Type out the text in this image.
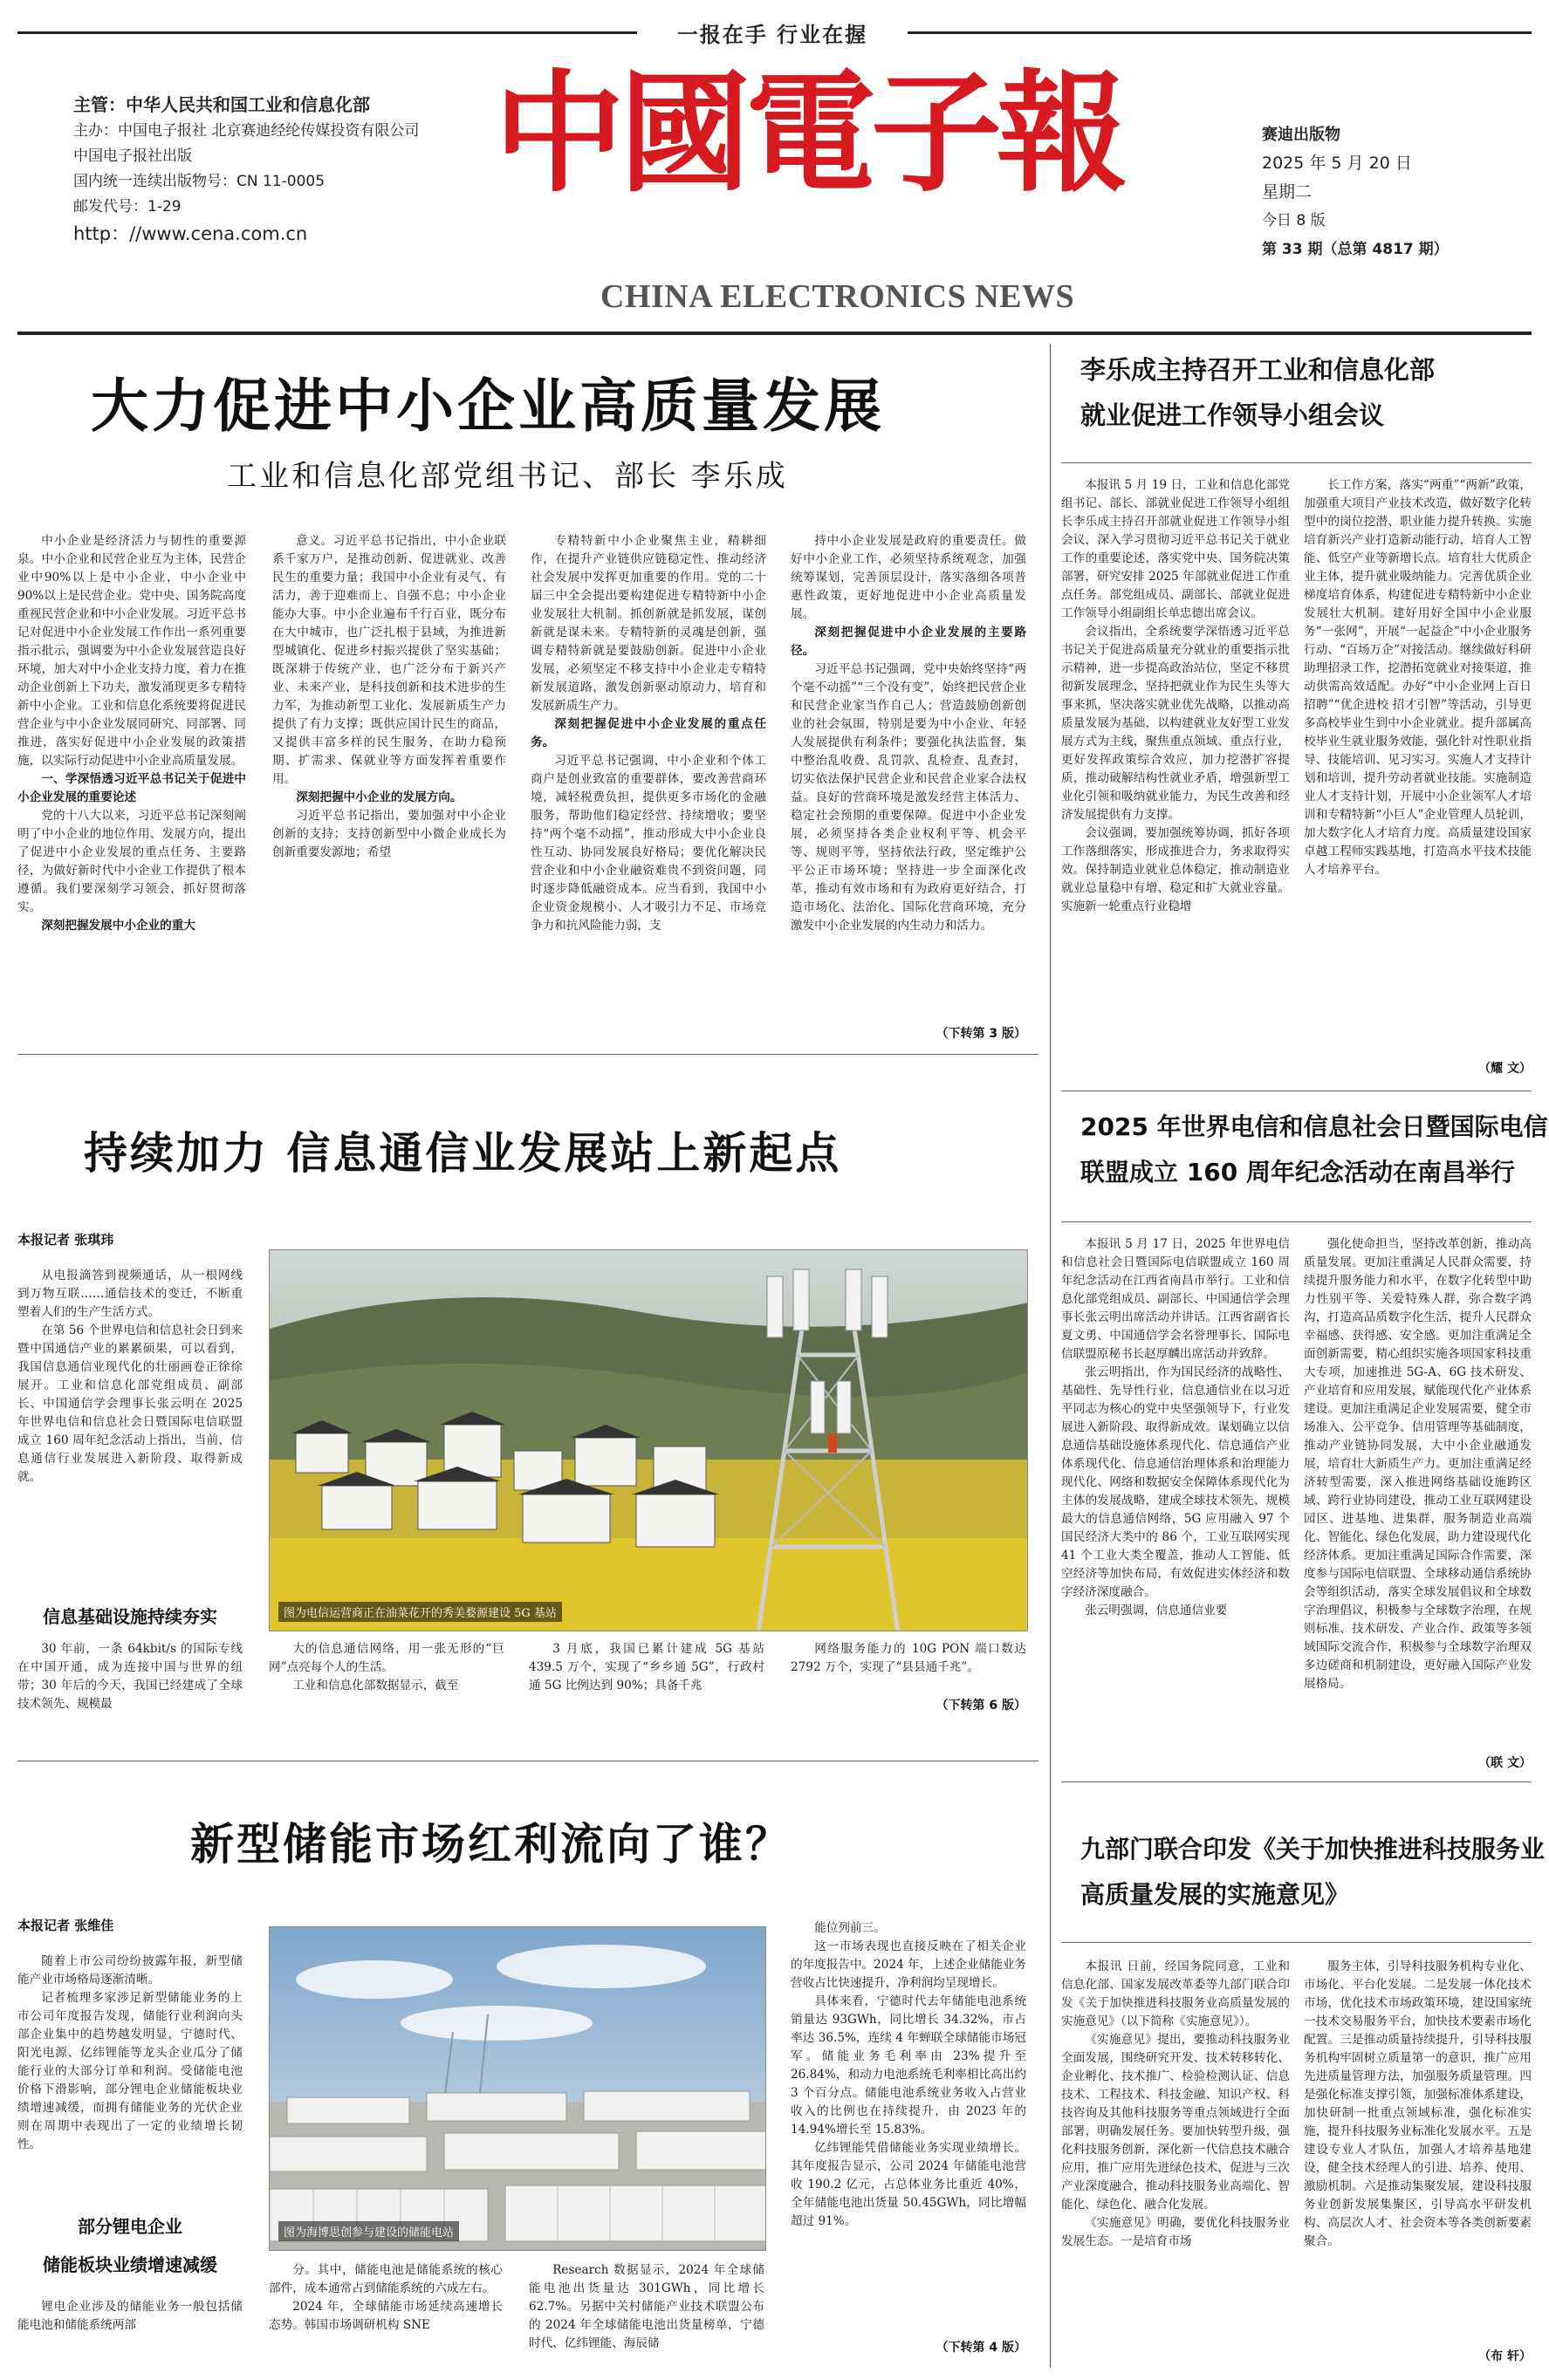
一报在手 行业在握
主管：中华人民共和国工业和信息化部
主办：中国电子报社 北京赛迪经纶传媒投资有限公司
中国电子报社出版
国内统一连续出版物号：CN 11-0005
邮发代号：1-29
http：//www.cena.com.cn
中國電子報
CHINA ELECTRONICS NEWS
赛迪出版物
2025 年 5 月 20 日
星期二
今日 8 版
第 33 期（总第 4817 期）
大力促进中小企业高质量发展
工业和信息化部党组书记、部长 李乐成

中小企业是经济活力与韧性的重要源泉。中小企业和民营企业互为主体，民营企业中90%以上是中小企业，中小企业中90%以上是民营企业。党中央、国务院高度重视民营企业和中小企业发展。习近平总书记对促进中小企业发展工作作出一系列重要指示批示，强调要为中小企业发展营造良好环境，加大对中小企业支持力度，着力在推动企业创新上下功夫，激发涌现更多专精特新中小企业。工业和信息化系统要将促进民营企业与中小企业发展同研究、同部署、同推进，落实好促进中小企业发展的政策措施，以实际行动促进中小企业高质量发展。

一、学深悟透习近平总书记关于促进中小企业发展的重要论述

党的十八大以来，习近平总书记深刻阐明了中小企业的地位作用、发展方向，提出了促进中小企业发展的重点任务、主要路径，为做好新时代中小企业工作提供了根本遵循。我们要深刻学习领会，抓好贯彻落实。

深刻把握发展中小企业的重大

意义。习近平总书记指出，中小企业联系千家万户，是推动创新、促进就业、改善民生的重要力量；我国中小企业有灵气、有活力，善于迎难而上、自强不息；中小企业能办大事。中小企业遍布千行百业，既分布在大中城市，也广泛扎根于县域，为推进新型城镇化、促进乡村振兴提供了坚实基础；既深耕于传统产业，也广泛分布于新兴产业、未来产业，是科技创新和技术进步的生力军，为推动新型工业化、发展新质生产力提供了有力支撑；既供应国计民生的商品，又提供丰富多样的民生服务，在助力稳预期、扩需求、保就业等方面发挥着重要作用。

深刻把握中小企业的发展方向。

习近平总书记指出，要加强对中小企业创新的支持；支持创新型中小微企业成长为创新重要发源地；希望

专精特新中小企业聚焦主业，精耕细作，在提升产业链供应链稳定性、推动经济社会发展中发挥更加重要的作用。党的二十届三中全会提出要构建促进专精特新中小企业发展壮大机制。抓创新就是抓发展，谋创新就是谋未来。专精特新的灵魂是创新，强调专精特新就是要鼓励创新。促进中小企业发展，必须坚定不移支持中小企业走专精特新发展道路，激发创新驱动原动力，培育和发展新质生产力。

深刻把握促进中小企业发展的重点任务。

习近平总书记强调，中小企业和个体工商户是创业致富的重要群体，要改善营商环境，减轻税费负担，提供更多市场化的金融服务，帮助他们稳定经营、持续增收；要坚持“两个毫不动摇”，推动形成大中小企业良性互动、协同发展良好格局；要优化解决民营企业和中小企业融资难贵不到资问题，同时逐步降低融资成本。应当看到，我国中小企业资金规模小、人才吸引力不足、市场竞争力和抗风险能力弱，支

持中小企业发展是政府的重要责任。做好中小企业工作，必须坚持系统观念，加强统筹谋划，完善顶层设计，落实落细各项普惠性政策，更好地促进中小企业高质量发展。

深刻把握促进中小企业发展的主要路径。

习近平总书记强调，党中央始终坚持“两个毫不动摇”“三个没有变”，始终把民营企业和民营企业家当作自己人；营造鼓励创新创业的社会氛围，特别是要为中小企业、年轻人发展提供有利条件；要强化执法监督，集中整治乱收费、乱罚款、乱检查、乱查封，切实依法保护民营企业和民营企业家合法权益。良好的营商环境是激发经营主体活力、稳定社会预期的重要保障。促进中小企业发展，必须坚持各类企业权利平等、机会平等、规则平等，坚持依法行政，坚定维护公平公正市场环境；坚持进一步全面深化改革，推动有效市场和有为政府更好结合，打造市场化、法治化、国际化营商环境，充分激发中小企业发展的内生动力和活力。

（下转第 3 版）
持续加力 信息通信业发展站上新起点
本报记者 张琪玮

从电报滴答到视频通话，从一根网线到万物互联……通信技术的变迁，不断重塑着人们的生产生活方式。

在第 56 个世界电信和信息社会日到来暨中国通信产业的累累硕果，可以看到，我国信息通信业现代化的壮丽画卷正徐徐展开。工业和信息化部党组成员、副部长、中国通信学会理事长张云明在 2025 年世界电信和信息社会日暨国际电信联盟成立 160 周年纪念活动上指出，当前，信息通信行业发展进入新阶段、取得新成就。

信息基础设施持续夯实

30 年前，一条 64kbit/s 的国际专线在中国开通，成为连接中国与世界的纽带；30 年后的今天，我国已经建成了全球技术领先、规模最

图为电信运营商正在油菜花开的秀美婺源建设 5G 基站

大的信息通信网络，用一张无形的“巨网”点亮每个人的生活。

工业和信息化部数据显示，截至

3 月底，我国已累计建成 5G 基站 439.5 万个，实现了“乡乡通 5G”，行政村通 5G 比例达到 90%；具备千兆

网络服务能力的 10G PON 端口数达 2792 万个，实现了“县县通千兆”。

（下转第 6 版）
新型储能市场红利流向了谁？
本报记者 张维佳

随着上市公司纷纷披露年报，新型储能产业市场格局逐渐清晰。

记者梳理多家涉足新型储能业务的上市公司年度报告发现，储能行业利润向头部企业集中的趋势越发明显，宁德时代、阳光电源、亿纬锂能等龙头企业瓜分了储能行业的大部分订单和利润。受储能电池价格下滑影响，部分锂电企业储能板块业绩增速减缓，而拥有储能业务的光伏企业则在周期中表现出了一定的业绩增长韧性。

部分锂电企业
储能板块业绩增速减缓

锂电企业涉及的储能业务一般包括储能电池和储能系统两部

图为海博思创参与建设的储能电站

能位列前三。

这一市场表现也直接反映在了相关企业的年度报告中。2024 年，上述企业储能业务营收占比快速提升，净利润均呈现增长。

具体来看，宁德时代去年储能电池系统销量达 93GWh，同比增长 34.32%，市占率达 36.5%，连续 4 年蝉联全球储能市场冠军。储能业务毛利率由 23%提升至 26.84%，和动力电池系统毛利率相比高出约 3 个百分点。储能电池系统业务收入占营业收入的比例也在持续提升，由 2023 年的 14.94%增长至 15.83%。

亿纬锂能凭借储能业务实现业绩增长。其年度报告显示，公司 2024 年储能电池营收 190.2 亿元，占总体业务比重近 40%，全年储能电池出货量 50.45GWh，同比增幅超过 91%。

分。其中，储能电池是储能系统的核心部件，成本通常占到储能系统的六成左右。

2024 年，全球储能市场延续高速增长态势。韩国市场调研机构 SNE

Research 数据显示，2024 年全球储能电池出货量达 301GWh，同比增长 62.7%。另据中关村储能产业技术联盟公布的 2024 年全球储能电池出货量榜单，宁德时代、亿纬锂能、海辰储	（下转第 4 版）
李乐成主持召开工业和信息化部
就业促进工作领导小组会议

本报讯 5 月 19 日，工业和信息化部党组书记、部长、部就业促进工作领导小组组长李乐成主持召开部就业促进工作领导小组会议，深入学习贯彻习近平总书记关于就业工作的重要论述，落实党中央、国务院决策部署，研究安排 2025 年部就业促进工作重点任务。部党组成员、副部长、部就业促进工作领导小组副组长单忠德出席会议。

会议指出，全系统要学深悟透习近平总书记关于促进高质量充分就业的重要指示批示精神，进一步提高政治站位，坚定不移贯彻新发展理念，坚持把就业作为民生头等大事来抓，坚决落实就业优先战略，以推动高质量发展为基础，以构建就业友好型工业发展方式为主线，聚焦重点领域、重点行业，更好发挥政策综合效应，加力挖潜扩容提质，推动破解结构性就业矛盾，增强新型工业化引领和吸纳就业能力，为民生改善和经济发展提供有力支撑。

会议强调，要加强统筹协调，抓好各项工作落细落实，形成推进合力，务求取得实效。保持制造业就业总体稳定，推动制造业就业总量稳中有增、稳定和扩大就业容量。实施新一轮重点行业稳增

长工作方案，落实“两重”“两新”政策，加强重大项目产业技术改造，做好数字化转型中的岗位挖潜、职业能力提升转换。实施培育新兴产业打造新动能行动，培育人工智能、低空产业等新增长点。培育壮大优质企业主体，提升就业吸纳能力。完善优质企业梯度培育体系，构建促进专精特新中小企业发展壮大机制。建好用好全国中小企业服务“一张网”，开展“一起益企”中小企业服务行动、“百场万企”对接活动。继续做好科研助理招录工作，挖潜拓宽就业对接渠道，推动供需高效适配。办好“中小企业网上百日招聘”“优企进校 招才引智”等活动，引导更多高校毕业生到中小企业就业。提升部属高校毕业生就业服务效能，强化针对性职业指导、技能培训、见习实习。实施人才支持计划和培训，提升劳动者就业技能。实施制造业人才支持计划，开展中小企业领军人才培训和专精特新“小巨人”企业管理人员轮训，加大数字化人才培育力度。高质量建设国家卓越工程师实践基地，打造高水平技术技能人才培养平台。

（耀 文）
2025 年世界电信和信息社会日暨国际电信
联盟成立 160 周年纪念活动在南昌举行

本报讯 5 月 17 日，2025 年世界电信和信息社会日暨国际电信联盟成立 160 周年纪念活动在江西省南昌市举行。工业和信息化部党组成员、副部长、中国通信学会理事长张云明出席活动并讲话。江西省副省长夏文勇、中国通信学会名誉理事长、国际电信联盟原秘书长赵厚麟出席活动并致辞。

张云明指出，作为国民经济的战略性、基础性、先导性行业，信息通信业在以习近平同志为核心的党中央坚强领导下，行业发展进入新阶段、取得新成效。谋划确立以信息通信基础设施体系现代化、信息通信产业体系现代化、信息通信治理体系和治理能力现代化、网络和数据安全保障体系现代化为主体的发展战略，建成全球技术领先、规模最大的信息通信网络，5G 应用融入 97 个国民经济大类中的 86 个，工业互联网实现 41 个工业大类全覆盖，推动人工智能、低空经济等加快布局，有效促进实体经济和数字经济深度融合。

张云明强调，信息通信业要

强化使命担当，坚持改革创新，推动高质量发展。更加注重满足人民群众需要，持续提升服务能力和水平，在数字化转型中助力性别平等、关爱特殊人群，弥合数字鸿沟，打造高品质数字化生活，提升人民群众幸福感、获得感、安全感。更加注重满足全面创新需要，精心组织实施各项国家科技重大专项，加速推进 5G-A、6G 技术研发、产业培育和应用发展，赋能现代化产业体系建设。更加注重满足企业发展需要，健全市场准入、公平竞争、信用管理等基础制度，推动产业链协同发展，大中小企业融通发展，培育壮大新质生产力。更加注重满足经济转型需要，深入推进网络基础设施跨区域、跨行业协同建设，推动工业互联网建设园区、进基地、进集群，服务制造业高端化、智能化、绿色化发展，助力建设现代化经济体系。更加注重满足国际合作需要，深度参与国际电信联盟、全球移动通信系统协会等组织活动，落实全球发展倡议和全球数字治理倡议，积极参与全球数字治理，在规则标准、技术研发、产业合作、政策等多领域国际交流合作，积极参与全球数字治理双多边磋商和机制建设，更好融入国际产业发展格局。

（联 文）
九部门联合印发《关于加快推进科技服务业
高质量发展的实施意见》

本报讯 日前，经国务院同意，工业和信息化部、国家发展改革委等九部门联合印发《关于加快推进科技服务业高质量发展的实施意见》（以下简称《实施意见》）。

《实施意见》提出，要推动科技服务业全面发展，围绕研究开发、技术转移转化、企业孵化、技术推广、检验检测认证、信息技术、工程技术、科技金融、知识产权、科技咨询及其他科技服务等重点领域进行全面部署，明确发展任务。要加快转型升级，强化科技服务创新，深化新一代信息技术融合应用，推广应用先进绿色技术，促进与三次产业深度融合，推动科技服务业高端化、智能化、绿色化、融合化发展。

《实施意见》明确，要优化科技服务业发展生态。一是培育市场

服务主体，引导科技服务机构专业化、市场化、平台化发展。二是发展一体化技术市场，优化技术市场政策环境，建设国家统一技术交易服务平台，加快技术要素市场化配置。三是推动质量持续提升，引导科技服务机构牢固树立质量第一的意识，推广应用先进质量管理方法，加强服务质量管理。四是强化标准支撑引领，加强标准体系建设，加快研制一批重点领域标准，强化标准实施，提升科技服务业标准化发展水平。五是建设专业人才队伍，加强人才培养基地建设，健全技术经理人的引进、培养、使用、激励机制。六是推动集聚发展，建设科技服务业创新发展集聚区，引导高水平研发机构、高层次人才、社会资本等各类创新要素聚合。

（布 轩）
